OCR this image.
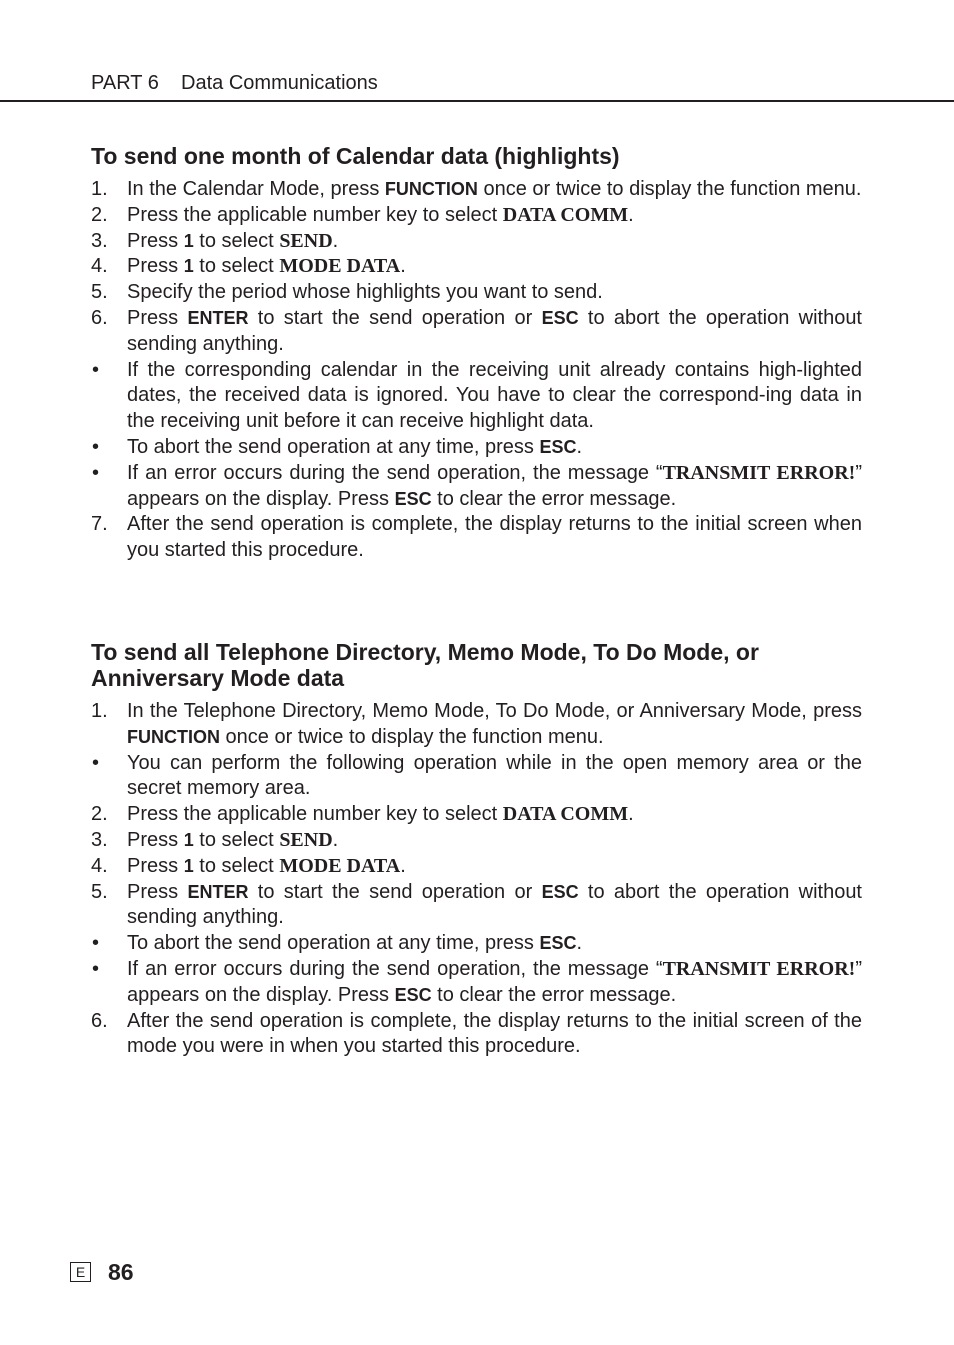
PART 6 Data Communications
To send one month of Calendar data (highlights)
1. In the Calendar Mode, press FUNCTION once or twice to display the function menu.
2. Press the applicable number key to select DATA COMM.
3. Press 1 to select SEND.
4. Press 1 to select MODE DATA.
5. Specify the period whose highlights you want to send.
6. Press ENTER to start the send operation or ESC to abort the operation without sending anything.
• If the corresponding calendar in the receiving unit already contains high-lighted dates, the received data is ignored. You have to clear the correspond-ing data in the receiving unit before it can receive highlight data.
• To abort the send operation at any time, press ESC.
• If an error occurs during the send operation, the message “TRANSMIT ERROR!” appears on the display. Press ESC to clear the error message.
7. After the send operation is complete, the display returns to the initial screen when you started this procedure.
To send all Telephone Directory, Memo Mode, To Do Mode, or Anniversary Mode data
1. In the Telephone Directory, Memo Mode, To Do Mode, or Anniversary Mode, press FUNCTION once or twice to display the function menu.
• You can perform the following operation while in the open memory area or the secret memory area.
2. Press the applicable number key to select DATA COMM.
3. Press 1 to select SEND.
4. Press 1 to select MODE DATA.
5. Press ENTER to start the send operation or ESC to abort the operation without sending anything.
• To abort the send operation at any time, press ESC.
• If an error occurs during the send operation, the message “TRANSMIT ERROR!” appears on the display. Press ESC to clear the error message.
6. After the send operation is complete, the display returns to the initial screen of the mode you were in when you started this procedure.
E 86
